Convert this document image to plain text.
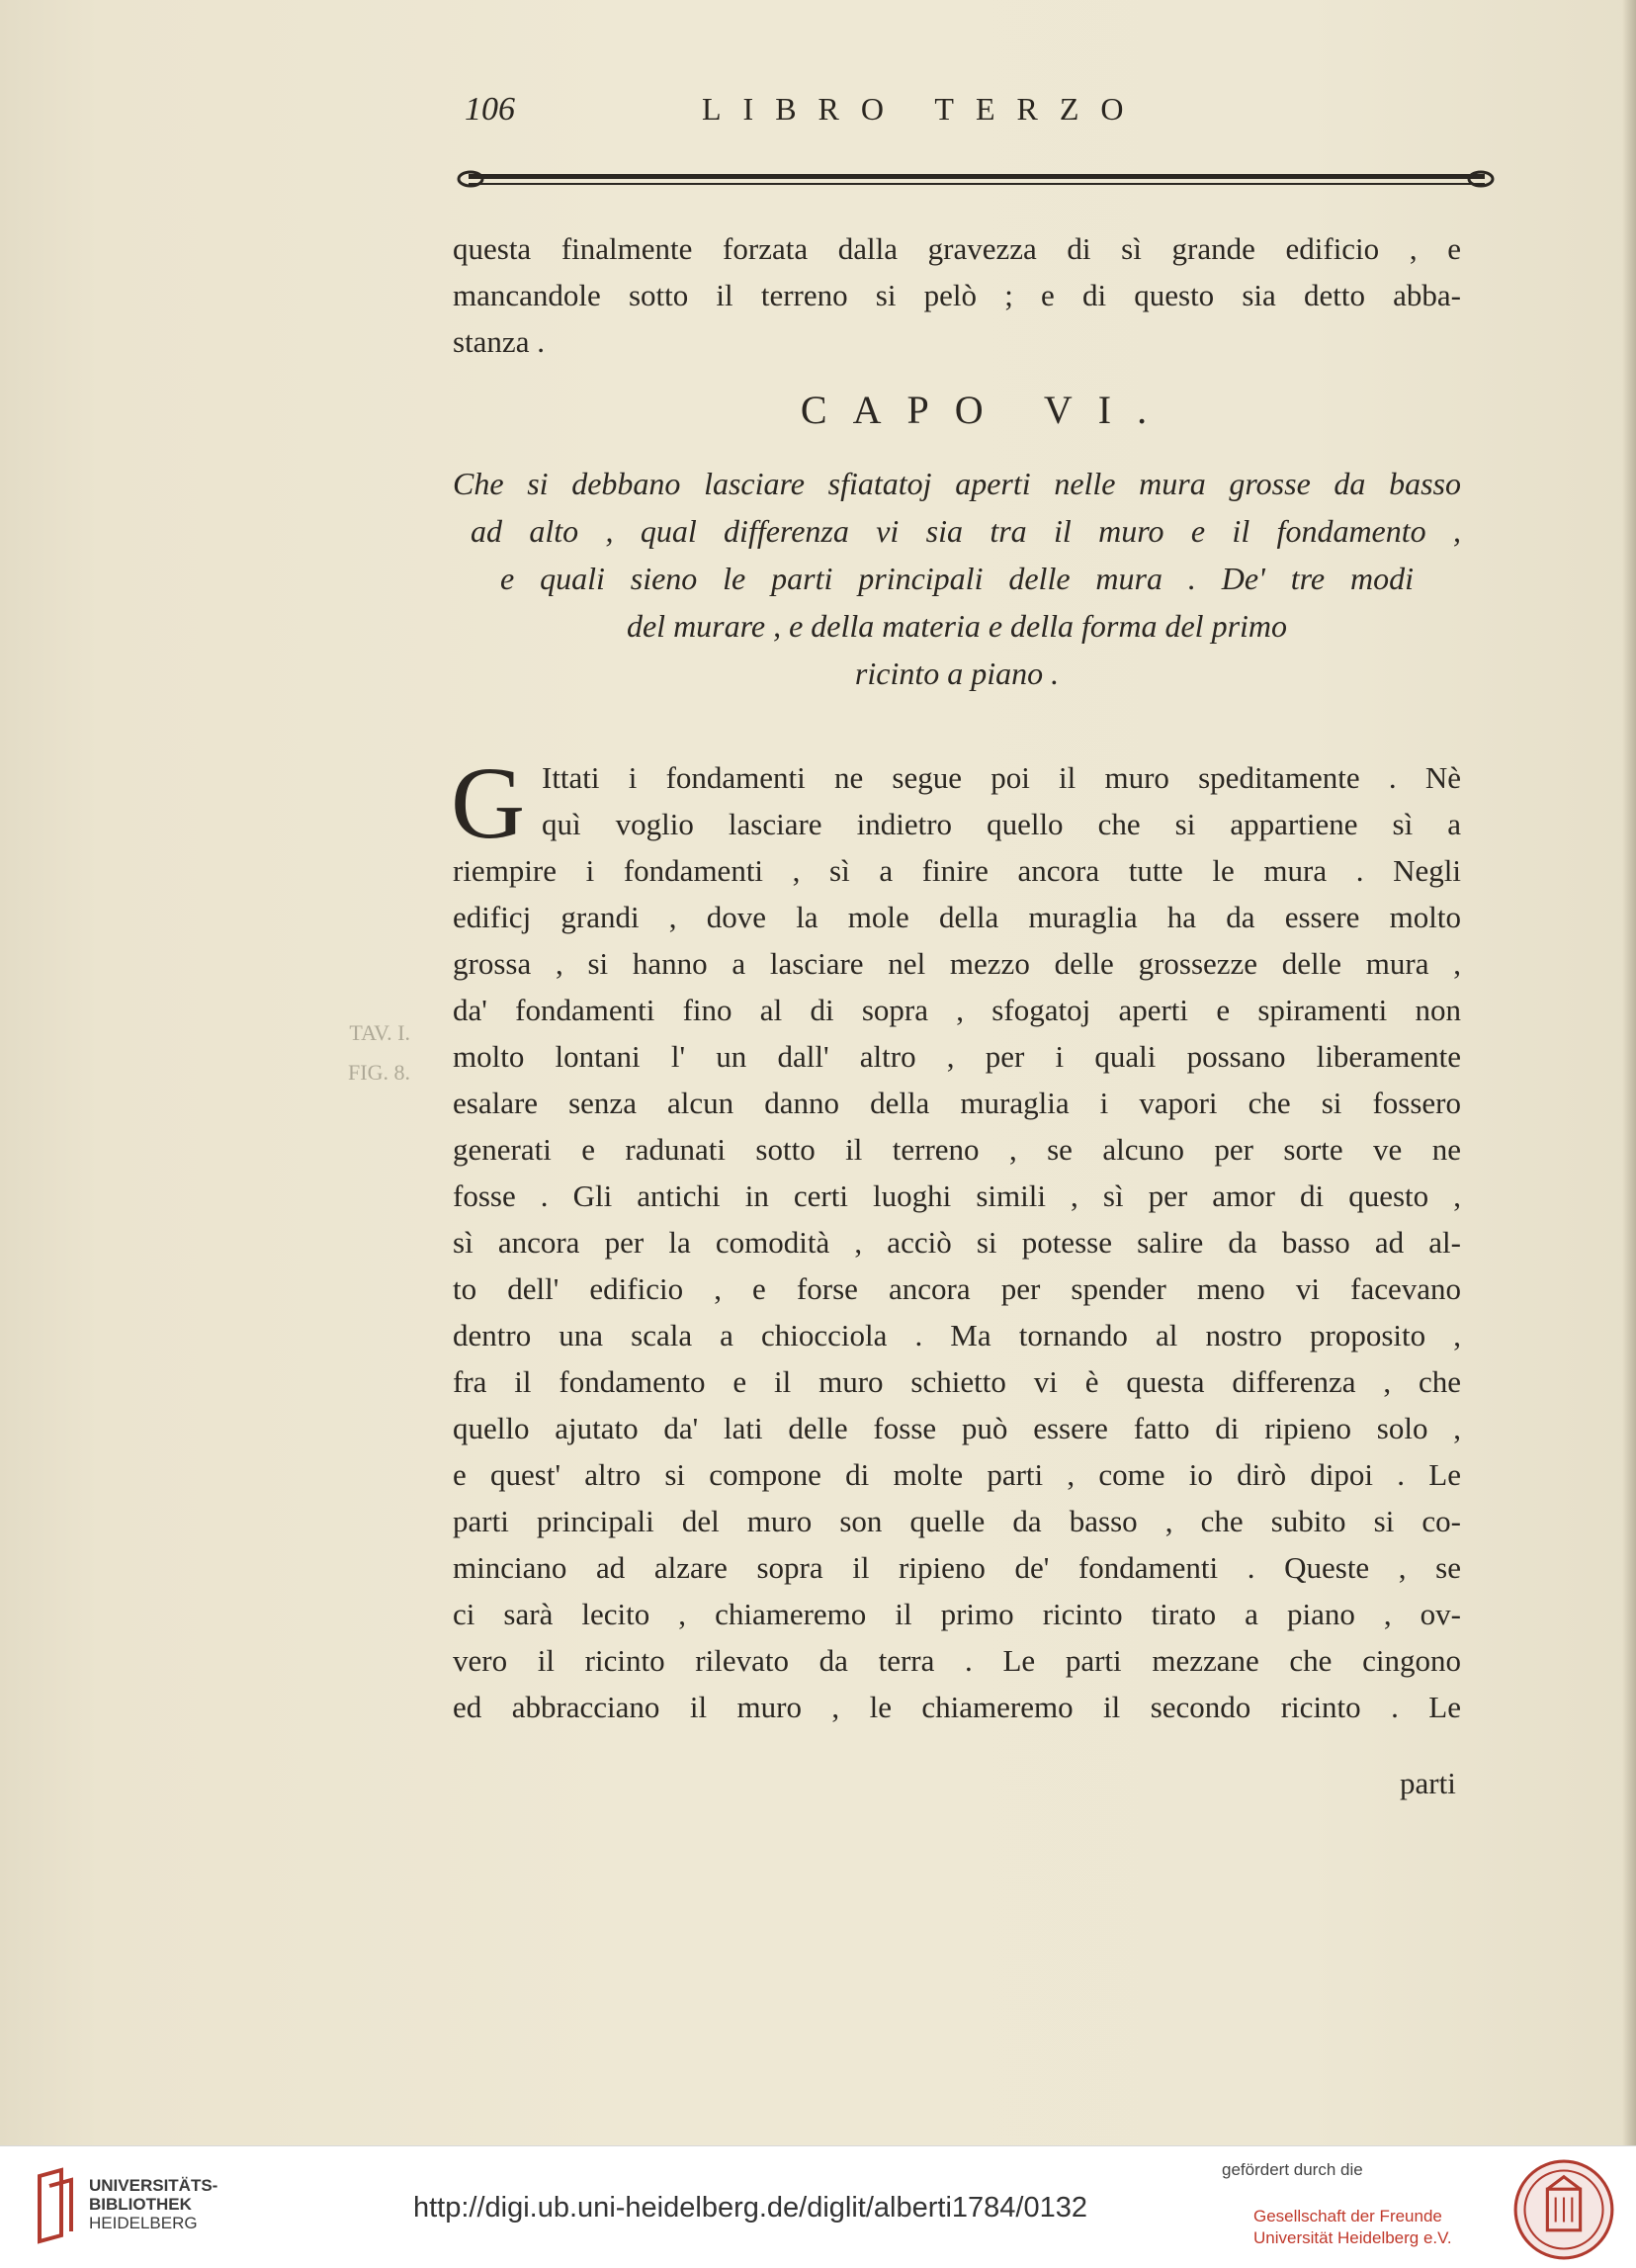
106	LIBRO TERZO
TAV. I.
FIG. 8.
questa finalmente forzata dalla gravezza di sì grande edificio , e
mancandole sotto il terreno si pelò ; e di questo sia detto abba-
stanza .
CAPO VI.
Che si debbano lasciare sfiatatoj aperti nelle mura grosse da basso
ad alto , qual differenza vi sia tra il muro e il fondamento ,
e quali sieno le parti principali delle mura . De' tre modi
del murare , e della materia e della forma del primo
ricinto a piano .
G Ittati i fondamenti ne segue poi il muro speditamente . Nè
quì voglio lasciare indietro quello che si appartiene sì a
riempire i fondamenti , sì a finire ancora tutte le mura . Negli
edificj grandi , dove la mole della muraglia ha da essere molto
grossa , si hanno a lasciare nel mezzo delle grossezze delle mura ,
da' fondamenti fino al di sopra , sfogatoj aperti e spiramenti non
molto lontani l' un dall' altro , per i quali possano liberamente
esalare senza alcun danno della muraglia i vapori che si fossero
generati e radunati sotto il terreno , se alcuno per sorte ve ne
fosse . Gli antichi in certi luoghi simili , sì per amor di questo ,
sì ancora per la comodità , acciò si potesse salire da basso ad al-
to dell' edificio , e forse ancora per spender meno vi facevano
dentro una scala a chiocciola . Ma tornando al nostro proposito ,
fra il fondamento e il muro schietto vi è questa differenza , che
quello ajutato da' lati delle fosse può essere fatto di ripieno solo ,
e quest' altro si compone di molte parti , come io dirò dipoi . Le
parti principali del muro son quelle da basso , che subito si co-
minciano ad alzare sopra il ripieno de' fondamenti . Queste , se
ci sarà lecito , chiameremo il primo ricinto tirato a piano , ov-
vero il ricinto rilevato da terra . Le parti mezzane che cingono
ed abbracciano il muro , le chiameremo il secondo ricinto . Le
parti
UNIVERSITÄTS-
BIBLIOTHEK
HEIDELBERG	http://digi.ub.uni-heidelberg.de/diglit/alberti1784/0132
gefördert durch die
Gesellschaft der Freunde
Universität Heidelberg e.V.
